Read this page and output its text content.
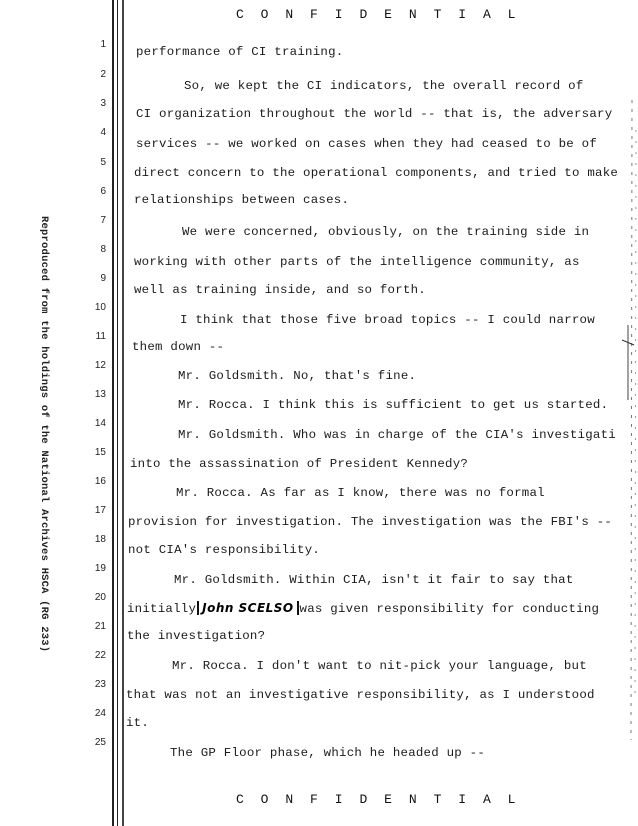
C O N F I D E N T I A L
Reproduced from the holdings of the National Archives HSCA (RG 233)
6
1
2
3
4
5
7
8
9
10
11
12
13
14
15
16
17
18
19
20
21
22
23
24
25
performance of CI training.
So, we kept the CI indicators, the overall record of
CI organization throughout the world -- that is, the adversary
services -- we worked on cases when they had ceased to be of
direct concern to the operational components, and tried to make
relationships between cases.
We were concerned, obviously, on the training side in
working with other parts of the intelligence community, as
well as training inside, and so forth.
I think that those five broad topics -- I could narrow
them down --
Mr. Goldsmith. No, that's fine.
Mr. Rocca. I think this is sufficient to get us started.
Mr. Goldsmith. Who was in charge of the CIA's investigati
into the assassination of President Kennedy?
Mr. Rocca. As far as I know, there was no formal
provision for investigation. The investigation was the FBI's --
not CIA's responsibility.
Mr. Goldsmith. Within CIA, isn't it fair to say that
initially John SCELSO was given responsibility for conducting
the investigation?
Mr. Rocca. I don't want to nit-pick your language, but
that was not an investigative responsibility, as I understood
it.
The GP Floor phase, which he headed up --
C O N F I D E N T I A L
